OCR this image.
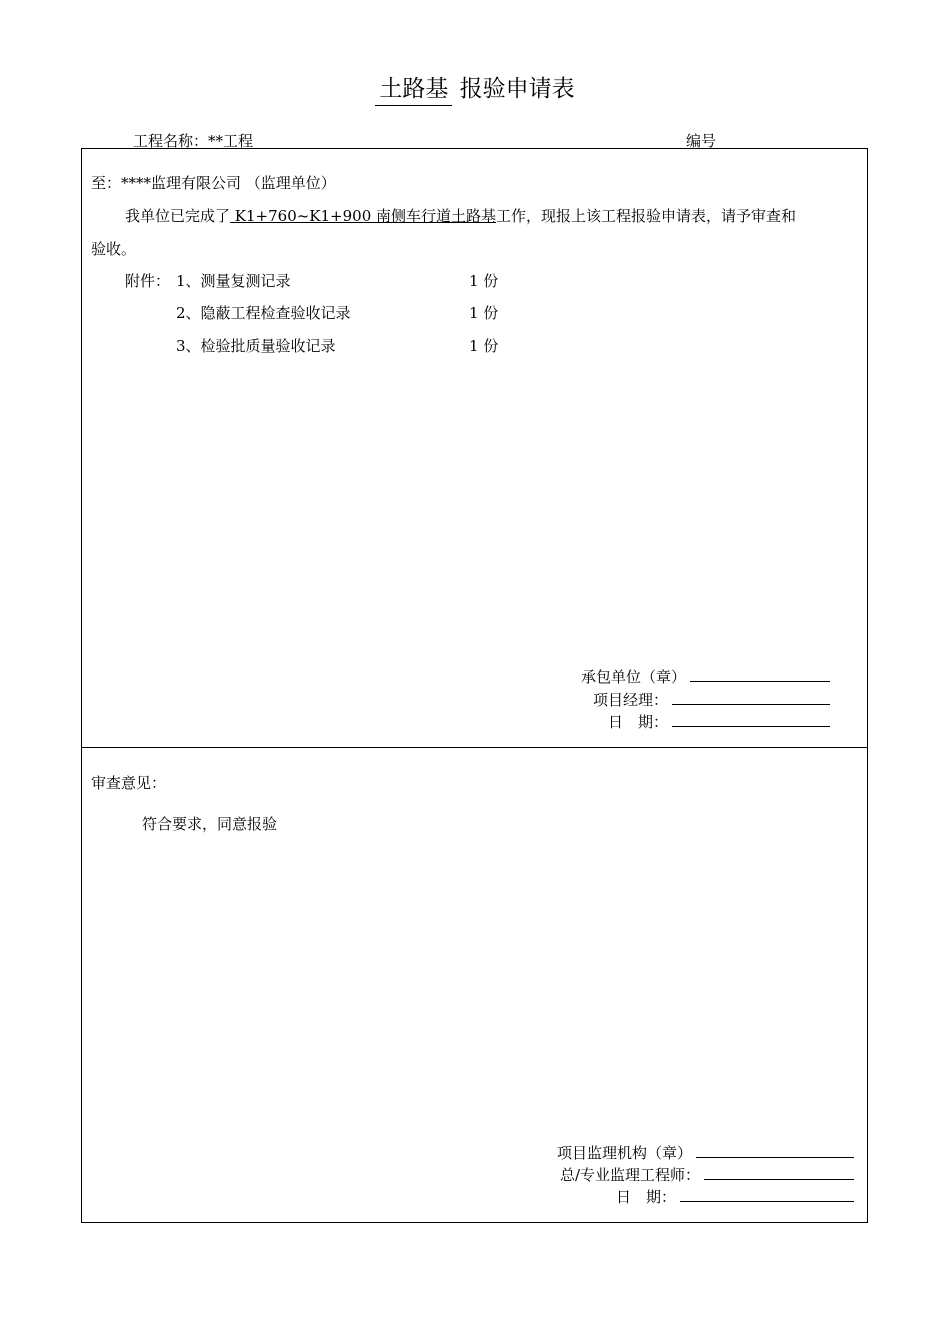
土路基 报验申请表
工程名称：**工程	编号
至：****监理有限公司 （监理单位）
我单位已完成了 K1+760~K1+900 南侧车行道土路基工作，现报上该工程报验申请表，请予审查和
验收。
附件： 1、测量复测记录	1 份
2、隐蔽工程检查验收记录	1 份
3、检验批质量验收记录	1 份
承包单位（章）
项目经理：
日　期：
审查意见：
符合要求，同意报验
项目监理机构（章）
总/专业监理工程师：
日　期：
